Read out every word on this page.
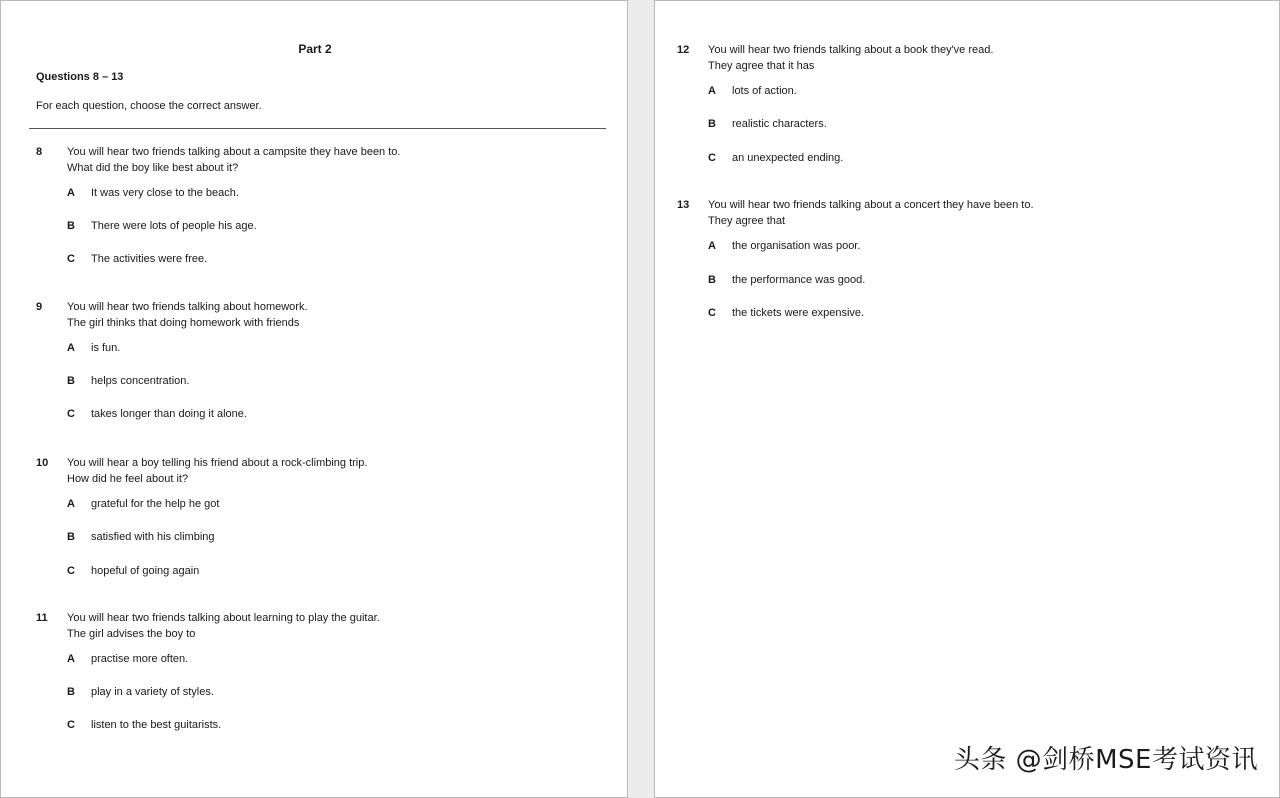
Part 2
Questions 8 – 13
For each question, choose the correct answer.
8	You will hear two friends talking about a campsite they have been to.
What did the boy like best about it?
A It was very close to the beach.
B There were lots of people his age.
C The activities were free.
9	You will hear two friends talking about homework.
The girl thinks that doing homework with friends
A is fun.
B helps concentration.
C takes longer than doing it alone.
10	You will hear a boy telling his friend about a rock-climbing trip.
How did he feel about it?
A grateful for the help he got
B satisfied with his climbing
C hopeful of going again
11	You will hear two friends talking about learning to play the guitar.
The girl advises the boy to
A practise more often.
B play in a variety of styles.
C listen to the best guitarists.
12	You will hear two friends talking about a book they've read.
They agree that it has
A lots of action.
B realistic characters.
C an unexpected ending.
13	You will hear two friends talking about a concert they have been to.
They agree that
A the organisation was poor.
B the performance was good.
C the tickets were expensive.
头条 @剑桥MSE考试资讯
